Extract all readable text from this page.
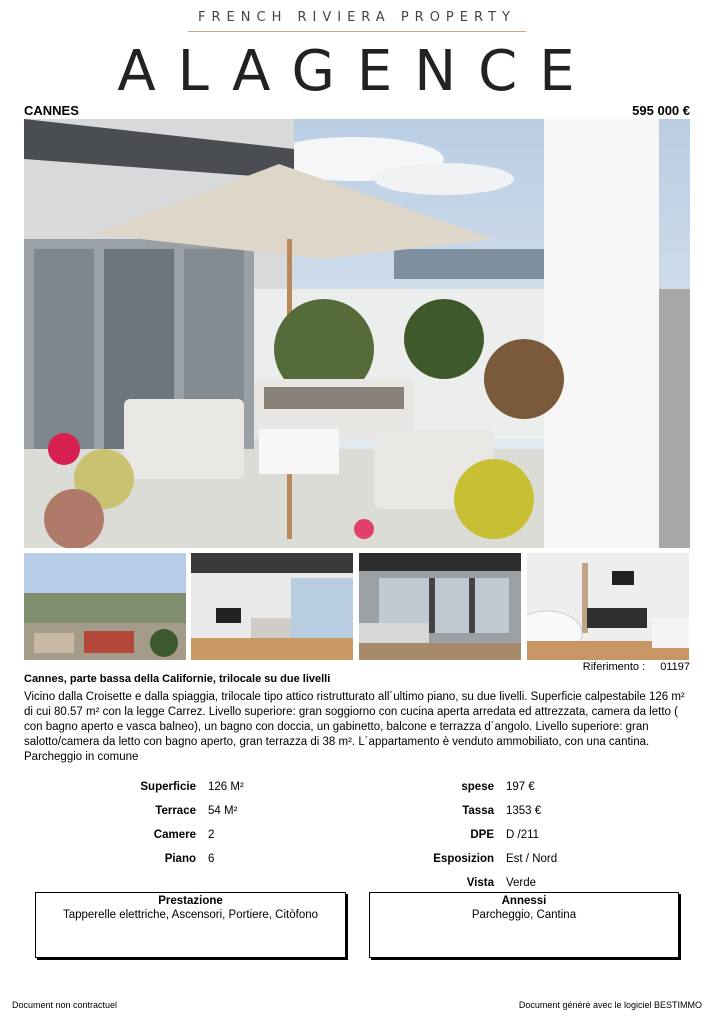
FRENCH RIVIERA PROPERTY
ALAGENCE
CANNES	595 000 €
Riferimento : 01197
Cannes, parte bassa della Californie, trilocale su due livelli
Vicino dalla Croisette e dalla spiaggia, trilocale tipo attico ristrutturato all´ultimo piano, su due livelli. Superficie calpestabile 126 m² di cui 80.57 m² con la legge Carrez. Livello superiore: gran soggiorno con cucina aperta arredata ed attrezzata, camera da letto ( con bagno aperto e vasca balneo), un bagno con doccia, un gabinetto, balcone e terrazza d´angolo. Livello superiore: gran salotto/camera da letto con bagno aperto, gran terrazza di 38 m². L´appartamento è venduto ammobiliato, con una cantina. Parcheggio in comune
Superficie 126 M²
Terrace 54 M²
Camere 2
Piano 6
spese 197 €
Tassa 1353 €
DPE D /211
Esposizion Est / Nord
Vista Verde
Prestazione
Tapperelle elettriche, Ascensori, Portiere, Citòfono
Annessi
Parcheggio, Cantina
Document non contractuel	Document généré avec le logiciel BESTIMMO
